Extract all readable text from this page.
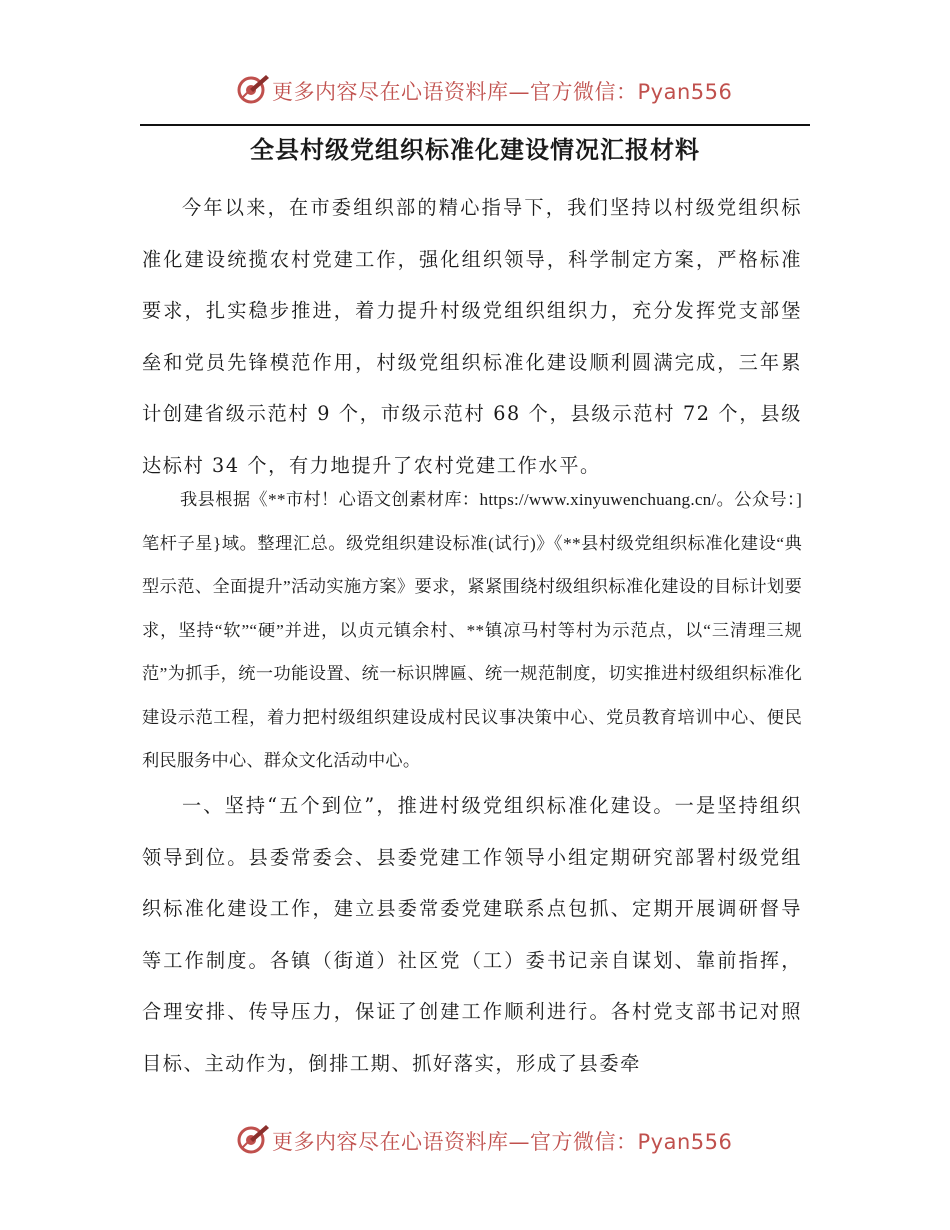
更多内容尽在心语资料库—官方微信：Pyan556
全县村级党组织标准化建设情况汇报材料

今年以来，在市委组织部的精心指导下，我们坚持以村级党组织标准化建设统揽农村党建工作，强化组织领导，科学制定方案，严格标准要求，扎实稳步推进，着力提升村级党组织组织力，充分发挥党支部堡垒和党员先锋模范作用，村级党组织标准化建设顺利圆满完成，三年累计创建省级示范村 9 个，市级示范村 68 个，县级示范村 72 个，县级达标村 34 个，有力地提升了农村党建工作水平。

我县根据《**市村！心语文创素材库：https://www.xinyuwenchuang.cn/。公众号：]笔杆子星}域。整理汇总。级党组织建设标准(试行)》《**县村级党组织标准化建设“典型示范、全面提升”活动实施方案》要求，紧紧围绕村级组织标准化建设的目标计划要求，坚持“软”“硬”并进，以贞元镇余村、**镇凉马村等村为示范点，以“三清理三规范”为抓手，统一功能设置、统一标识牌匾、统一规范制度，切实推进村级组织标准化建设示范工程，着力把村级组织建设成村民议事决策中心、党员教育培训中心、便民利民服务中心、群众文化活动中心。

一、坚持“五个到位”，推进村级党组织标准化建设。一是坚持组织领导到位。县委常委会、县委党建工作领导小组定期研究部署村级党组织标准化建设工作，建立县委常委党建联系点包抓、定期开展调研督导等工作制度。各镇（街道）社区党（工）委书记亲自谋划、靠前指挥，合理安排、传导压力，保证了创建工作顺利进行。各村党支部书记对照目标、主动作为，倒排工期、抓好落实，形成了县委牵

更多内容尽在心语资料库—官方微信：Pyan556
